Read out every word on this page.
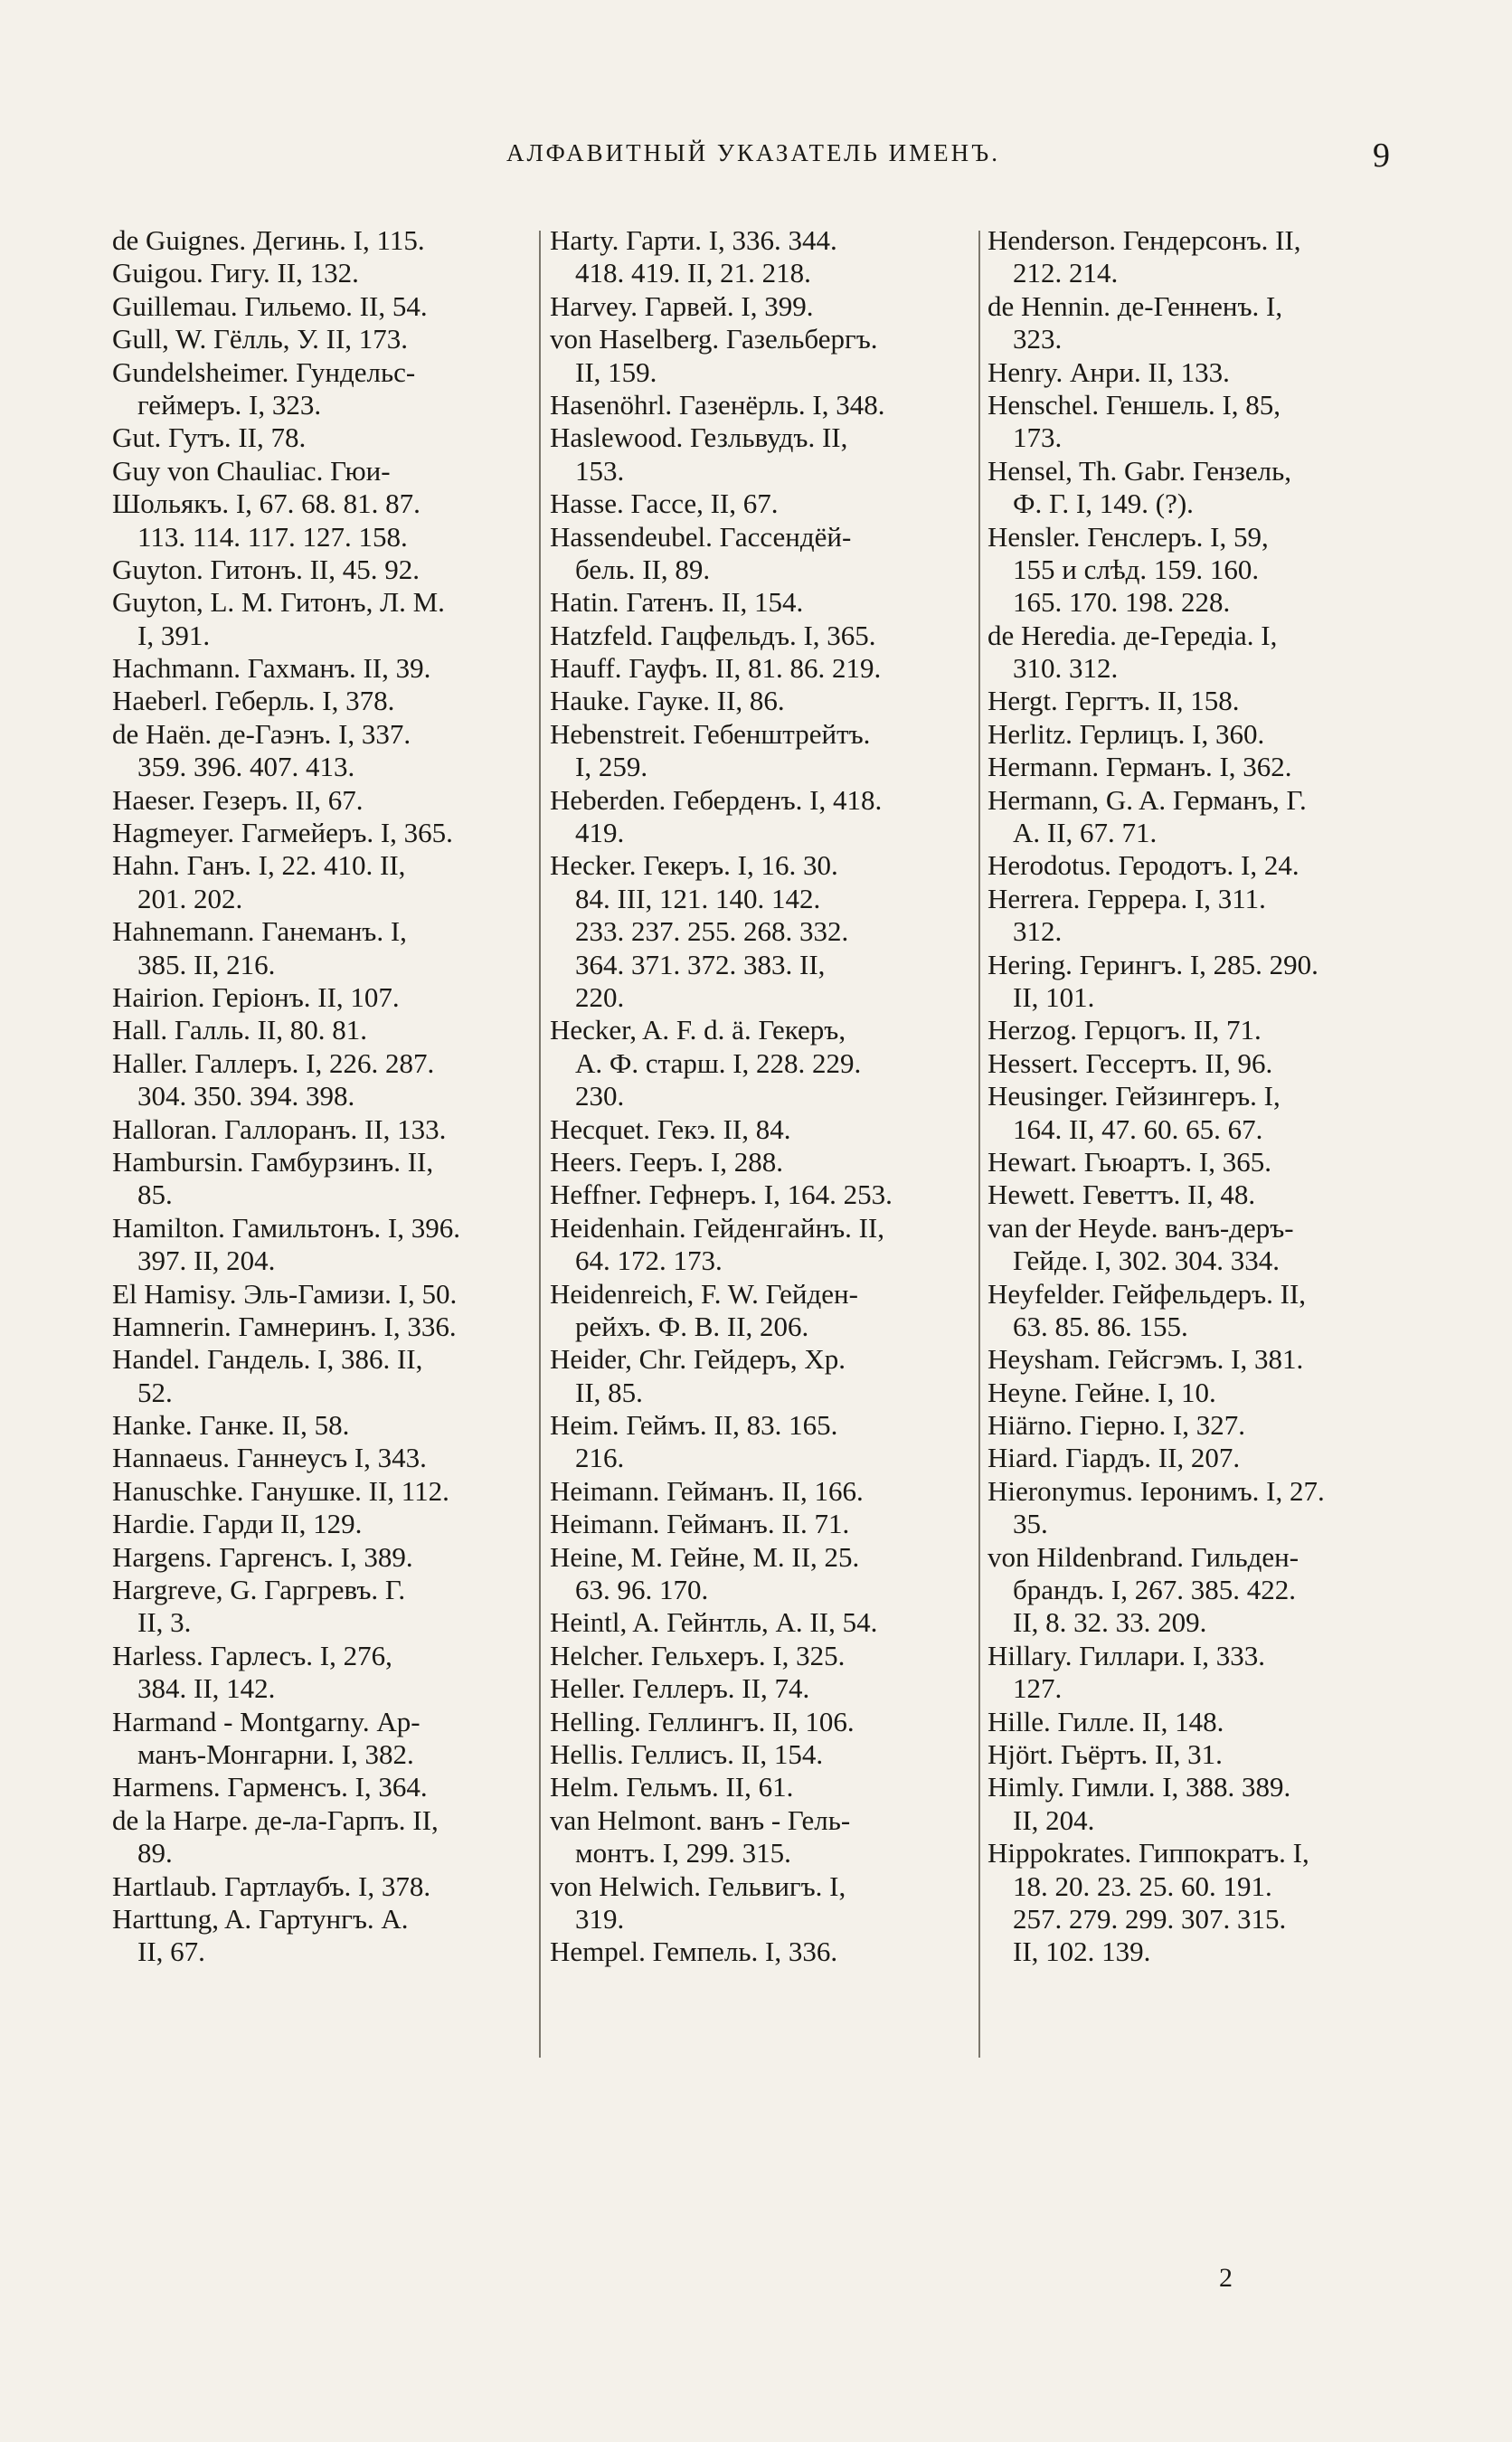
АЛФАВИТНЫЙ УКАЗАТЕЛЬ ИМЕНЪ.	9
de Guignes. Дегинь. I, 115.
Guigou. Гигу. II, 132.
Guillemau. Гильемо. II, 54.
Gull, W. Гёлль, У. II, 173.
Gundelsheimer. Гундельс-
геймеръ. I, 323.
Gut. Гутъ. II, 78.
Guy von Chauliac. Гюи-
Шольякъ. I, 67. 68. 81. 87.
113. 114. 117. 127. 158.
Guyton. Гитонъ. II, 45. 92.
Guyton, L. M. Гитонъ, Л. М.
I, 391.
Hachmann. Гахманъ. II, 39.
Haeberl. Геберль. I, 378.
de Haën. де-Гаэнъ. I, 337.
359. 396. 407. 413.
Haeser. Гезеръ. II, 67.
Hagmeyer. Гагмейеръ. I, 365.
Hahn. Ганъ. I, 22. 410. II,
201. 202.
Hahnemann. Ганеманъ. I,
385. II, 216.
Hairion. Геріонъ. II, 107.
Hall. Галль. II, 80. 81.
Haller. Галлеръ. I, 226. 287.
304. 350. 394. 398.
Halloran. Галлоранъ. II, 133.
Hambursin. Гамбурзинъ. II,
85.
Hamilton. Гамильтонъ. I, 396.
397. II, 204.
El Hamisy. Эль-Гамизи. I, 50.
Hamnerin. Гамнеринъ. I, 336.
Handel. Гандель. I, 386. II,
52.
Hanke. Ганке. II, 58.
Hannaeus. Ганнеусъ I, 343.
Hanuschke. Ганушке. II, 112.
Hardie. Гарди II, 129.
Hargens. Гаргенсъ. I, 389.
Hargreve, G. Гаргревъ. Г.
II, 3.
Harless. Гарлесъ. I, 276,
384. II, 142.
Harmand - Montgarny. Ар-
манъ-Монгарни. I, 382.
Harmens. Гарменсъ. I, 364.
de la Harpe. де-ла-Гарпъ. II,
89.
Hartlaub. Гартлаубъ. I, 378.
Harttung, A. Гартунгъ. А.
II, 67.
Harty. Гарти. I, 336. 344.
418. 419. II, 21. 218.
Harvey. Гарвей. I, 399.
von Haselberg. Газельбергъ.
II, 159.
Hasenöhrl. Газенёрль. I, 348.
Haslewood. Гезльвудъ. II,
153.
Hasse. Гассе, II, 67.
Hassendeubel. Гассендёй-
бель. II, 89.
Hatin. Гатенъ. II, 154.
Hatzfeld. Гацфельдъ. I, 365.
Hauff. Гауфъ. II, 81. 86. 219.
Hauke. Гауке. II, 86.
Hebenstreit. Гебенштрейтъ.
I, 259.
Heberden. Геберденъ. I, 418.
419.
Hecker. Гекеръ. I, 16. 30.
84. III, 121. 140. 142.
233. 237. 255. 268. 332.
364. 371. 372. 383. II,
220.
Hecker, A. F. d. ä. Гекеръ,
А. Ф. старш. I, 228. 229.
230.
Hecquet. Гекэ. II, 84.
Heers. Гееръ. I, 288.
Heffner. Гефнеръ. I, 164. 253.
Heidenhain. Гейденгайнъ. II,
64. 172. 173.
Heidenreich, F. W. Гейден-
рейхъ. Ф. В. II, 206.
Heider, Chr. Гейдеръ, Хр.
II, 85.
Heim. Геймъ. II, 83. 165.
216.
Heimann. Гейманъ. II, 166.
Heimann. Гейманъ. II. 71.
Heine, M. Гейне, М. II, 25.
63. 96. 170.
Heintl, A. Гейнтль, А. II, 54.
Helcher. Гельхеръ. I, 325.
Heller. Геллеръ. II, 74.
Helling. Геллингъ. II, 106.
Hellis. Геллисъ. II, 154.
Helm. Гельмъ. II, 61.
van Helmont. ванъ - Гель-
монтъ. I, 299. 315.
von Helwich. Гельвигъ. I,
319.
Hempel. Гемпель. I, 336.
Henderson. Гендерсонъ. II,
212. 214.
de Hennin. де-Генненъ. I,
323.
Henry. Анри. II, 133.
Henschel. Геншель. I, 85,
173.
Hensel, Th. Gabr. Гензель,
Ф. Г. I, 149. (?).
Hensler. Генслеръ. I, 59,
155 и слѣд. 159. 160.
165. 170. 198. 228.
de Heredia. де-Гередіа. I,
310. 312.
Hergt. Гергтъ. II, 158.
Herlitz. Герлицъ. I, 360.
Hermann. Германъ. I, 362.
Hermann, G. A. Германъ, Г.
А. II, 67. 71.
Herodotus. Геродотъ. I, 24.
Herrera. Геррера. I, 311.
312.
Hering. Герингъ. I, 285. 290.
II, 101.
Herzog. Герцогъ. II, 71.
Hessert. Гессертъ. II, 96.
Heusinger. Гейзингеръ. I,
164. II, 47. 60. 65. 67.
Hewart. Гьюартъ. I, 365.
Hewett. Геветтъ. II, 48.
van der Heyde. ванъ-деръ-
Гейде. I, 302. 304. 334.
Heyfelder. Гейфельдеръ. II,
63. 85. 86. 155.
Heysham. Гейсгэмъ. I, 381.
Heyne. Гейне. I, 10.
Hiärno. Гіерно. I, 327.
Hiard. Гіардъ. II, 207.
Hieronymus. Іеронимъ. I, 27.
35.
von Hildenbrand. Гильден-
брандъ. I, 267. 385. 422.
II, 8. 32. 33. 209.
Hillary. Гиллари. I, 333.
127.
Hille. Гилле. II, 148.
Hjört. Гьёртъ. II, 31.
Himly. Гимли. I, 388. 389.
II, 204.
Hippokrates. Гиппократъ. I,
18. 20. 23. 25. 60. 191.
257. 279. 299. 307. 315.
II, 102. 139.
2
